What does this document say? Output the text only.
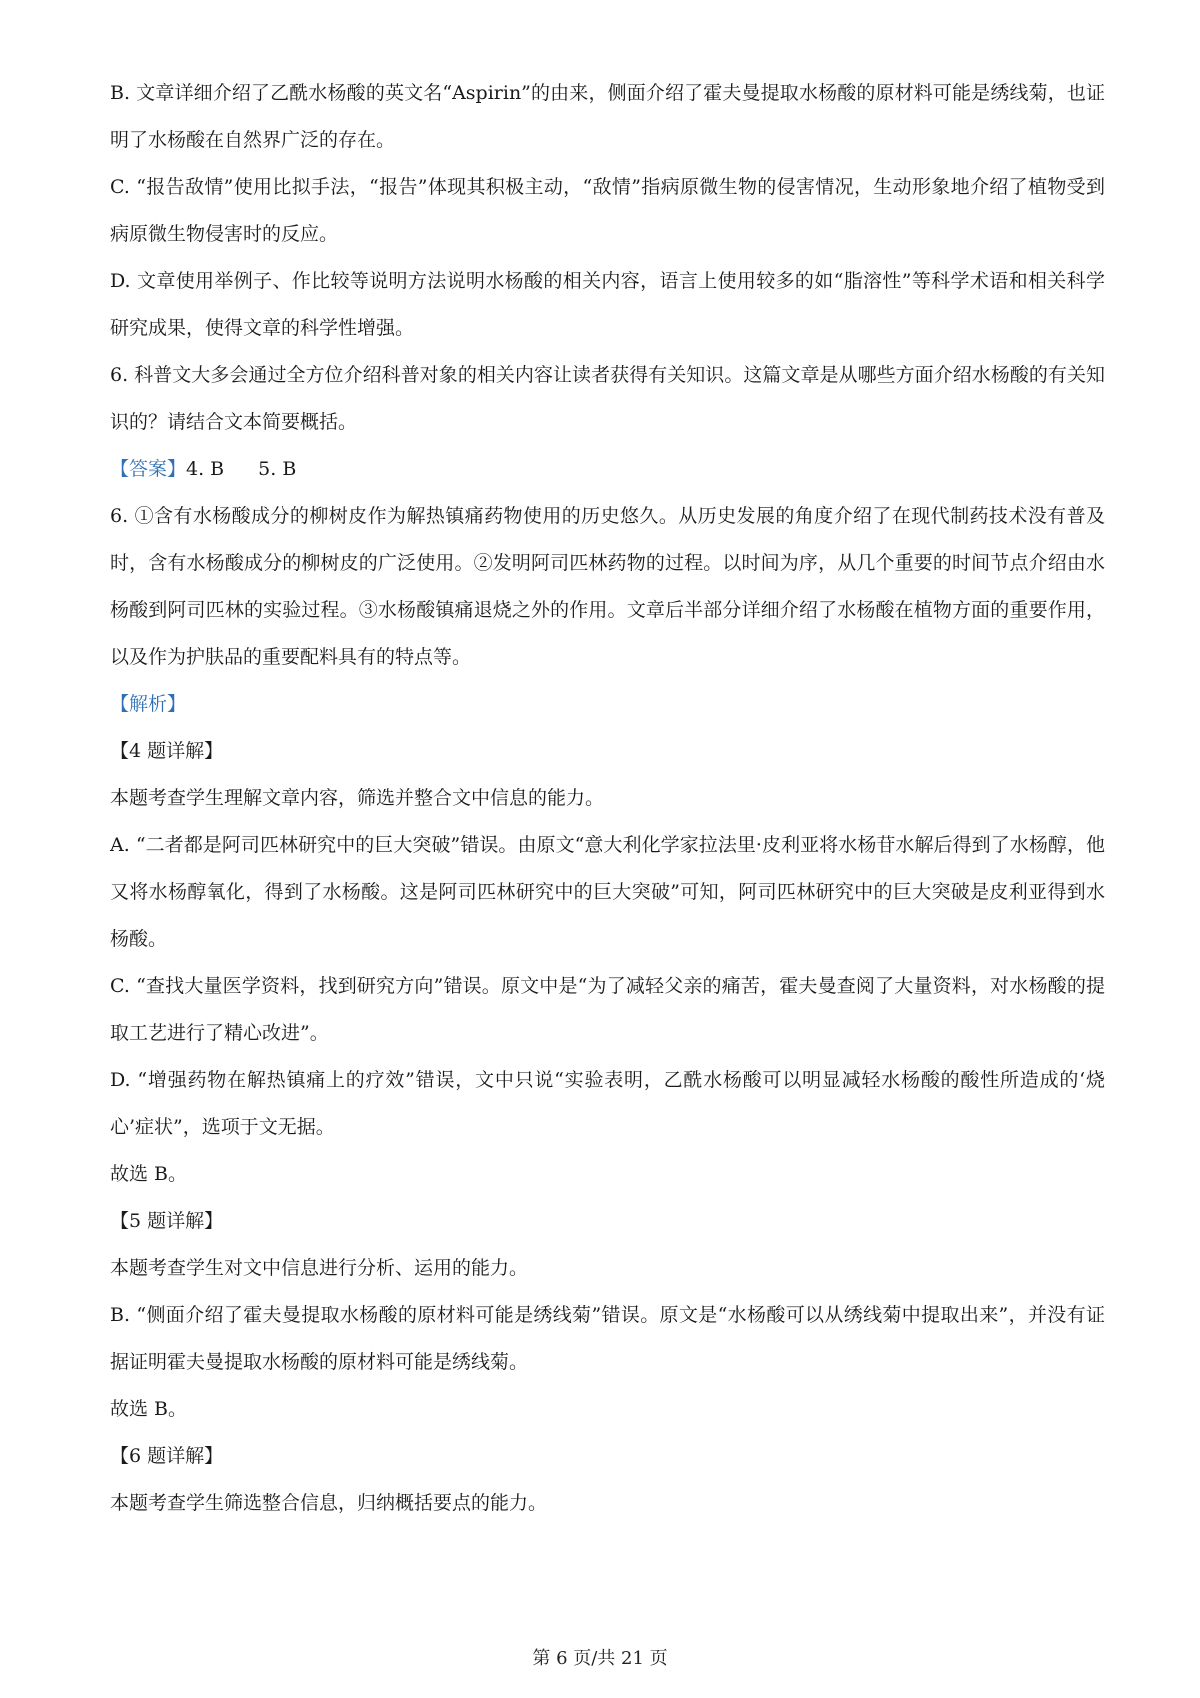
B. 文章详细介绍了乙酰水杨酸的英文名“Aspirin”的由来，侧面介绍了霍夫曼提取水杨酸的原材料可能是绣线菊，也证明了水杨酸在自然界广泛的存在。

C. “报告敌情”使用比拟手法，“报告”体现其积极主动，“敌情”指病原微生物的侵害情况，生动形象地介绍了植物受到病原微生物侵害时的反应。

D. 文章使用举例子、作比较等说明方法说明水杨酸的相关内容，语言上使用较多的如“脂溶性”等科学术语和相关科学研究成果，使得文章的科学性增强。

6. 科普文大多会通过全方位介绍科普对象的相关内容让读者获得有关知识。这篇文章是从哪些方面介绍水杨酸的有关知识的？请结合文本简要概括。

【答案】4. B 5. B

6. ①含有水杨酸成分的柳树皮作为解热镇痛药物使用的历史悠久。从历史发展的角度介绍了在现代制药技术没有普及时，含有水杨酸成分的柳树皮的广泛使用。②发明阿司匹林药物的过程。以时间为序，从几个重要的时间节点介绍由水杨酸到阿司匹林的实验过程。③水杨酸镇痛退烧之外的作用。文章后半部分详细介绍了水杨酸在植物方面的重要作用，以及作为护肤品的重要配料具有的特点等。

【解析】

【4 题详解】

本题考查学生理解文章内容，筛选并整合文中信息的能力。

A. “二者都是阿司匹林研究中的巨大突破”错误。由原文“意大利化学家拉法里·皮利亚将水杨苷水解后得到了水杨醇，他又将水杨醇氧化，得到了水杨酸。这是阿司匹林研究中的巨大突破”可知，阿司匹林研究中的巨大突破是皮利亚得到水杨酸。

C. “查找大量医学资料，找到研究方向”错误。原文中是“为了减轻父亲的痛苦，霍夫曼查阅了大量资料，对水杨酸的提取工艺进行了精心改进”。

D. “增强药物在解热镇痛上的疗效”错误，文中只说“实验表明，乙酰水杨酸可以明显减轻水杨酸的酸性所造成的‘烧心’症状”，选项于文无据。

故选 B。

【5 题详解】

本题考查学生对文中信息进行分析、运用的能力。

B. “侧面介绍了霍夫曼提取水杨酸的原材料可能是绣线菊”错误。原文是“水杨酸可以从绣线菊中提取出来”，并没有证据证明霍夫曼提取水杨酸的原材料可能是绣线菊。

故选 B。

【6 题详解】

本题考查学生筛选整合信息，归纳概括要点的能力。

第 6 页/共 21 页
